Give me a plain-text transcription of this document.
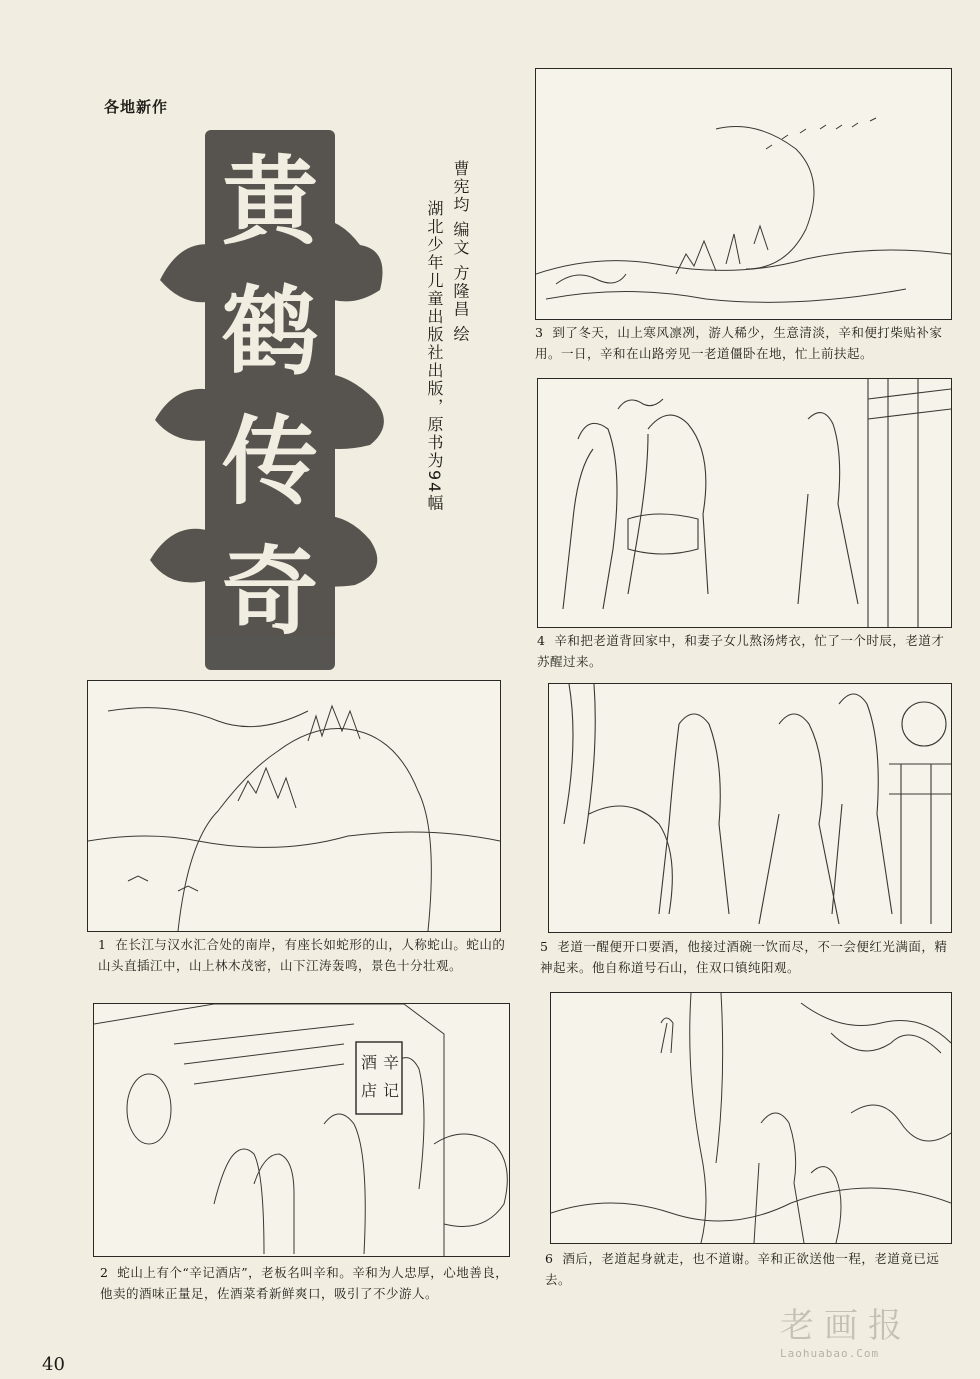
各地新作
黄
鹤
传
奇
曹宪均 编文 方隆昌 绘
湖北少年儿童出版社出版，原书为94幅	3 到了冬天，山上寒风凛冽，游人稀少，生意清淡，辛和便打柴贴补家用。一日，辛和在山路旁见一老道僵卧在地，忙上前扶起。
4 辛和把老道背回家中，和妻子女儿熬汤烤衣，忙了一个时辰，老道才苏醒过来。
1 在长江与汉水汇合处的南岸，有座长如蛇形的山，人称蛇山。蛇山的山头直插江中，山上林木茂密，山下江涛轰鸣，景色十分壮观。
5 老道一醒便开口要酒，他接过酒碗一饮而尽，不一会便红光满面，精神起来。他自称道号石山，住双口镇纯阳观。
辛
记
酒
店
2 蛇山上有个“辛记酒店”，老板名叫辛和。辛和为人忠厚，心地善良，他卖的酒味正量足，佐酒菜肴新鲜爽口，吸引了不少游人。
6 酒后，老道起身就走，也不道谢。辛和正欲送他一程，老道竟已远去。
40
老画报
Laohuabao.Com
